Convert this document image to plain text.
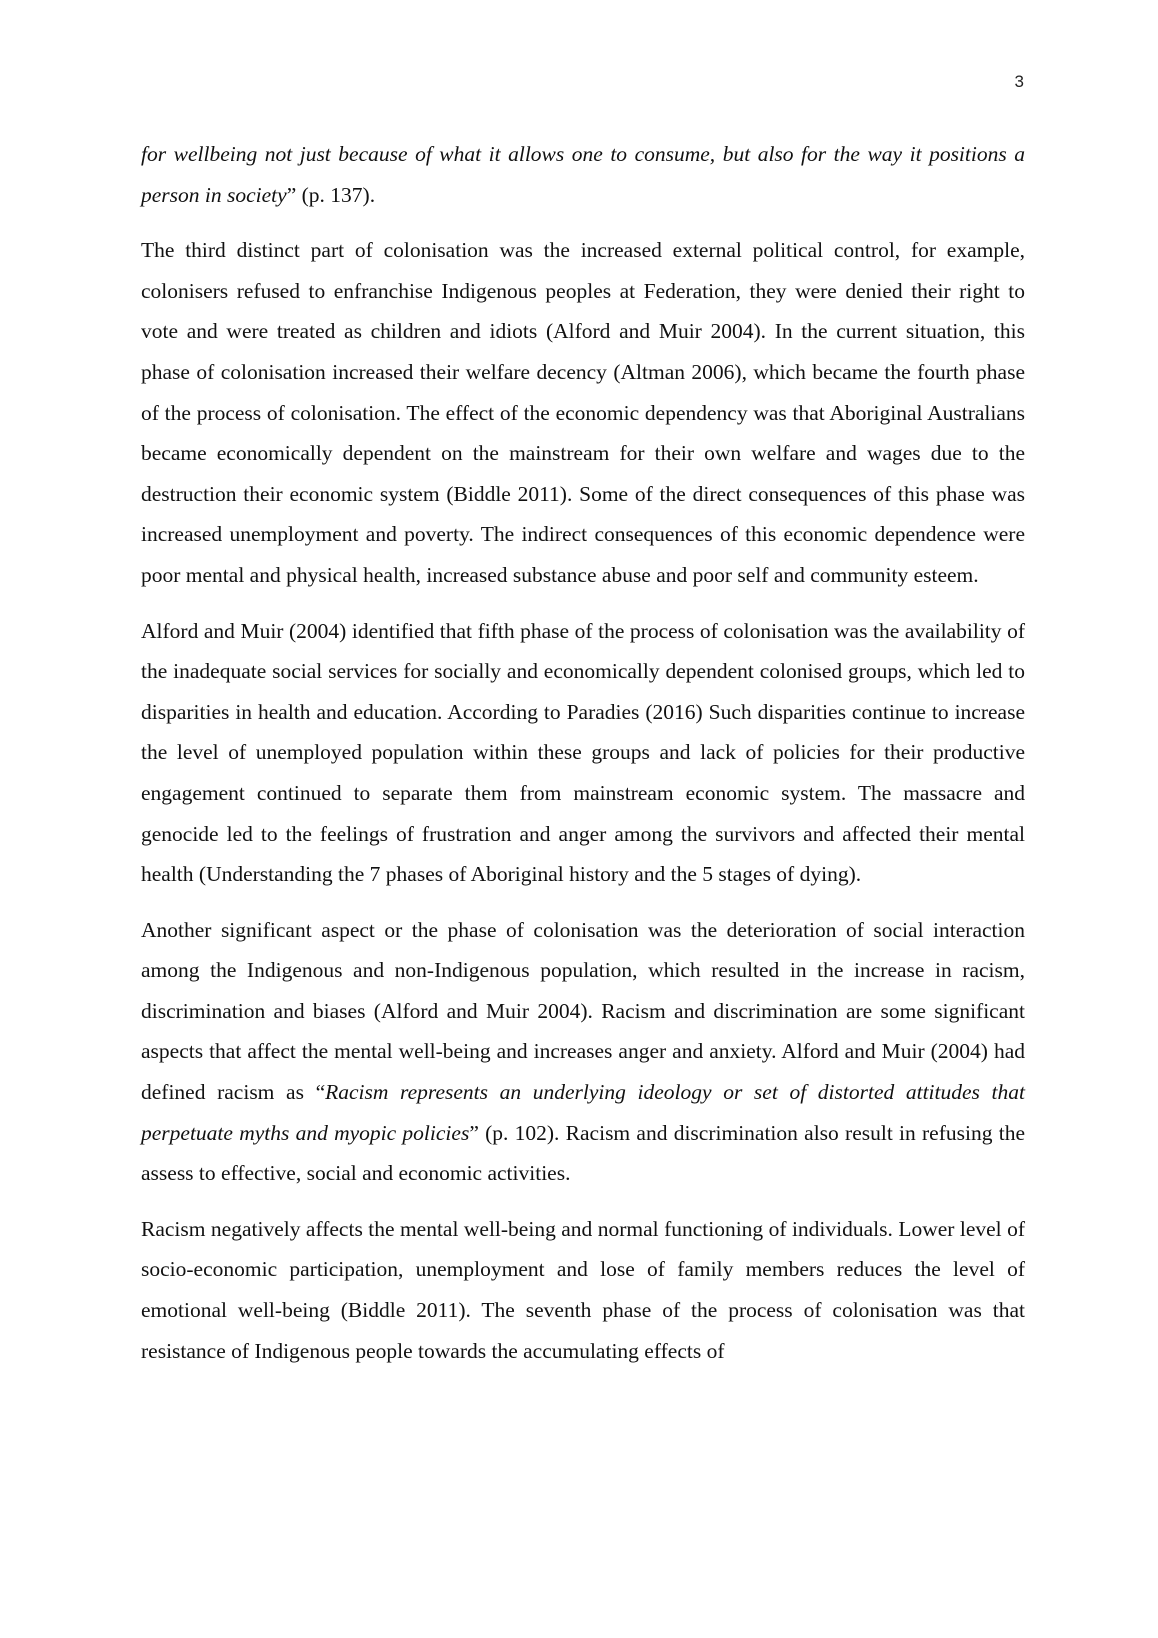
3

for wellbeing not just because of what it allows one to consume, but also for the way it positions a person in society” (p. 137).

The third distinct part of colonisation was the increased external political control, for example, colonisers refused to enfranchise Indigenous peoples at Federation, they were denied their right to vote and were treated as children and idiots (Alford and Muir 2004). In the current situation, this phase of colonisation increased their welfare decency (Altman 2006), which became the fourth phase of the process of colonisation. The effect of the economic dependency was that Aboriginal Australians became economically dependent on the mainstream for their own welfare and wages due to the destruction their economic system (Biddle 2011). Some of the direct consequences of this phase was increased unemployment and poverty. The indirect consequences of this economic dependence were poor mental and physical health, increased substance abuse and poor self and community esteem.

Alford and Muir (2004) identified that fifth phase of the process of colonisation was the availability of the inadequate social services for socially and economically dependent colonised groups, which led to disparities in health and education. According to Paradies (2016) Such disparities continue to increase the level of unemployed population within these groups and lack of policies for their productive engagement continued to separate them from mainstream economic system. The massacre and genocide led to the feelings of frustration and anger among the survivors and affected their mental health (Understanding the 7 phases of Aboriginal history and the 5 stages of dying).

Another significant aspect or the phase of colonisation was the deterioration of social interaction among the Indigenous and non-Indigenous population, which resulted in the increase in racism, discrimination and biases (Alford and Muir 2004). Racism and discrimination are some significant aspects that affect the mental well-being and increases anger and anxiety. Alford and Muir (2004) had defined racism as “Racism represents an underlying ideology or set of distorted attitudes that perpetuate myths and myopic policies” (p. 102). Racism and discrimination also result in refusing the assess to effective, social and economic activities.

Racism negatively affects the mental well-being and normal functioning of individuals. Lower level of socio-economic participation, unemployment and lose of family members reduces the level of emotional well-being (Biddle 2011). The seventh phase of the process of colonisation was that resistance of Indigenous people towards the accumulating effects of
